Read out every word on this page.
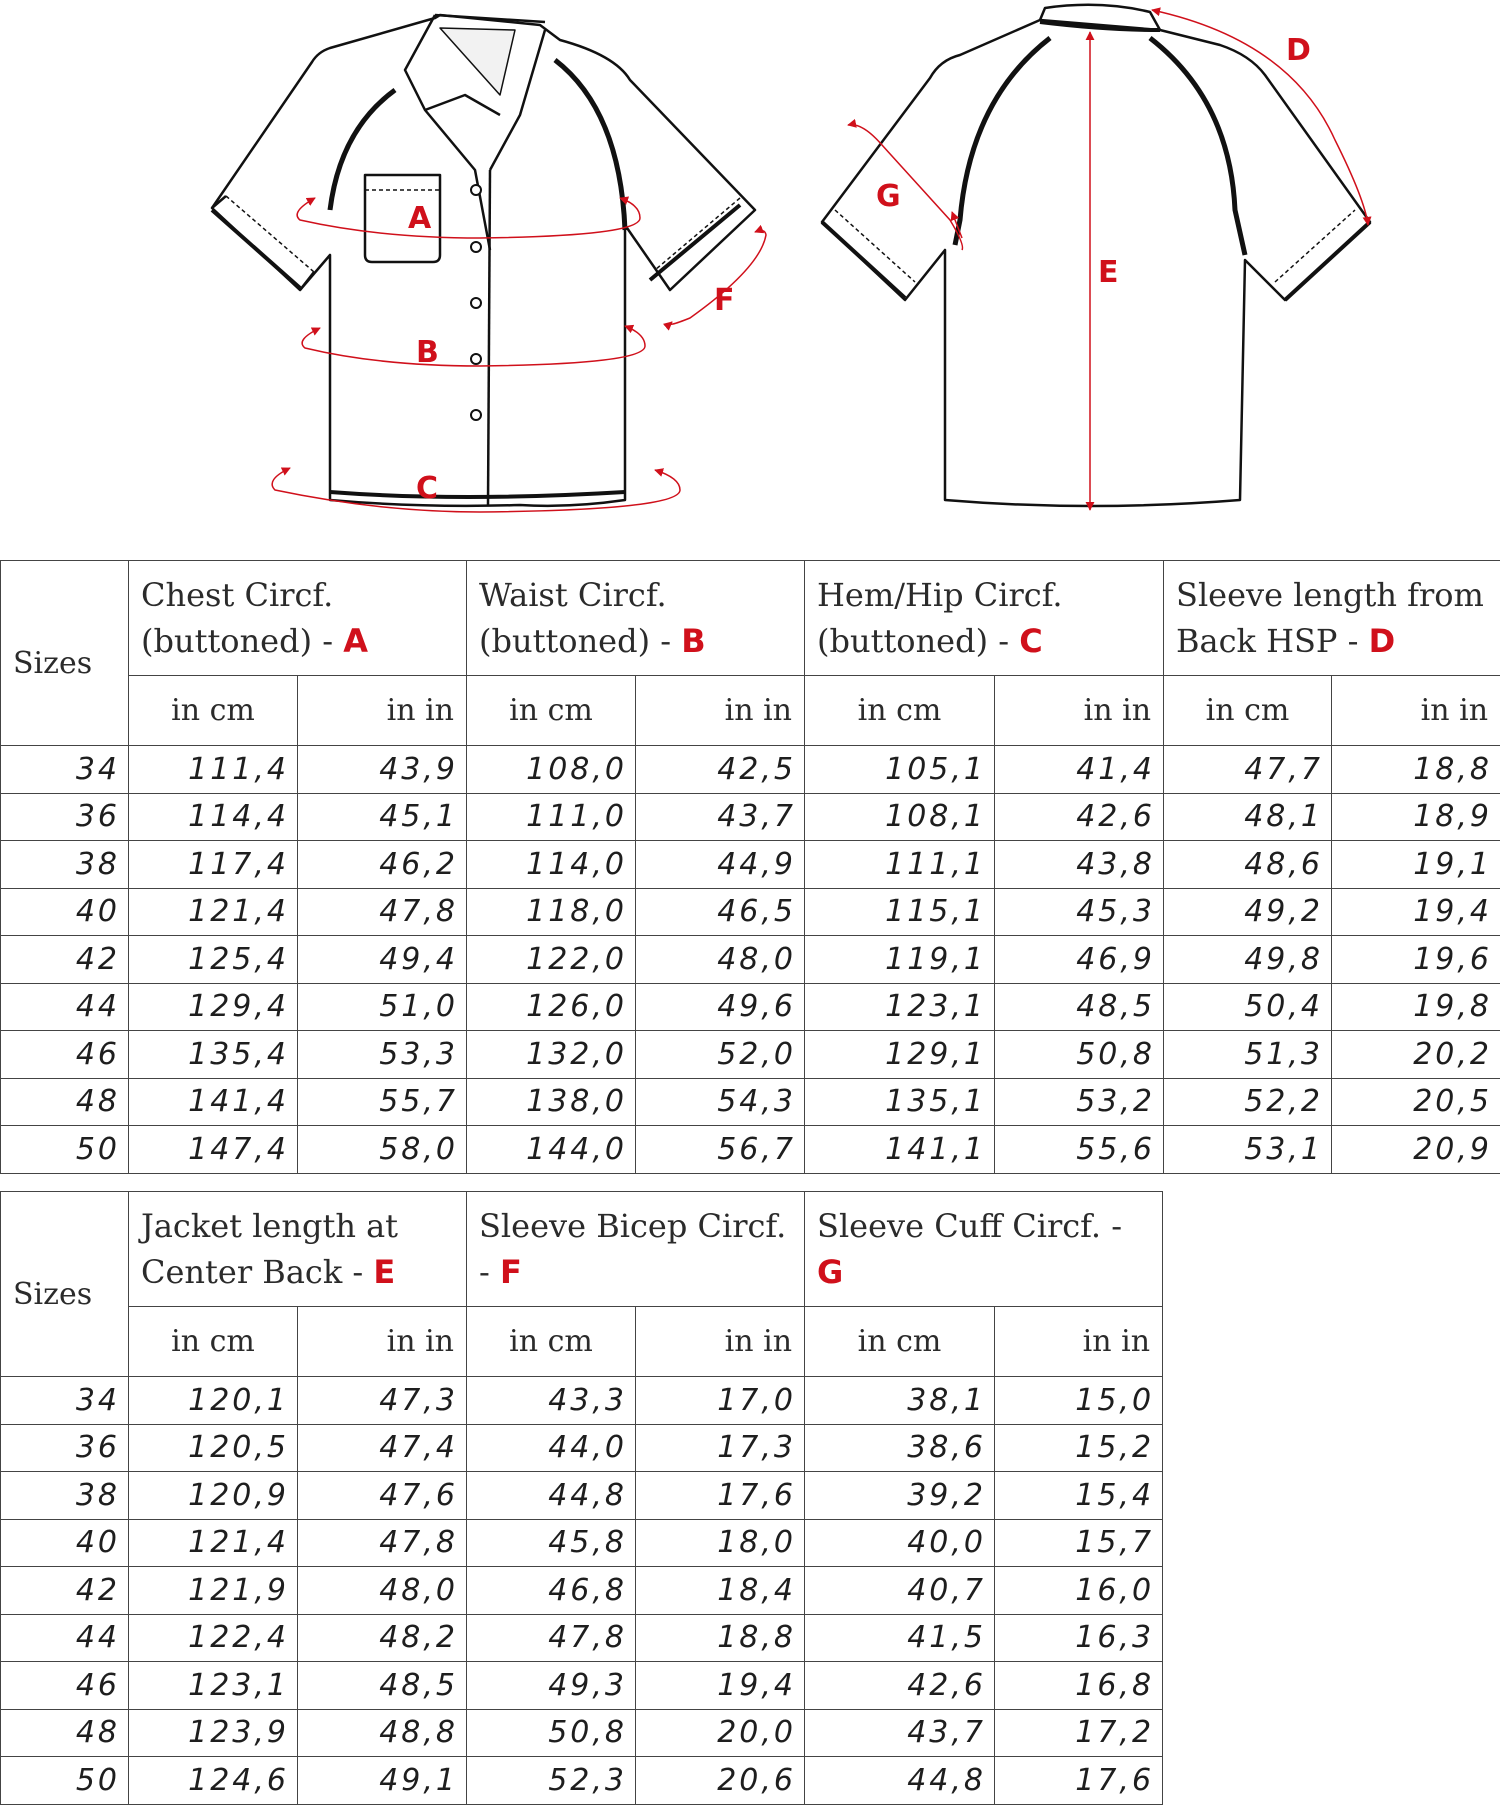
A
B
C
D
E
F
G
Sizes	Chest Circf.
(buttoned) - A		Waist Circf.
(buttoned) - B		Hem/Hip Circf.
(buttoned) - C		Sleeve length from
Back HSP - D	
	in cm	in in	in cm	in in	in cm	in in	in cm	in in
34	111,4	43,9	108,0	42,5	105,1	41,4	47,7	18,8
36	114,4	45,1	111,0	43,7	108,1	42,6	48,1	18,9
38	117,4	46,2	114,0	44,9	111,1	43,8	48,6	19,1
40	121,4	47,8	118,0	46,5	115,1	45,3	49,2	19,4
42	125,4	49,4	122,0	48,0	119,1	46,9	49,8	19,6
44	129,4	51,0	126,0	49,6	123,1	48,5	50,4	19,8
46	135,4	53,3	132,0	52,0	129,1	50,8	51,3	20,2
48	141,4	55,7	138,0	54,3	135,1	53,2	52,2	20,5
50	147,4	58,0	144,0	56,7	141,1	55,6	53,1	20,9
Sizes	Jacket length at
Center Back - E		Sleeve Bicep Circf.
- F		Sleeve Cuff Circf. - G	
	in cm	in in	in cm	in in	in cm	in in
34	120,1	47,3	43,3	17,0	38,1	15,0
36	120,5	47,4	44,0	17,3	38,6	15,2
38	120,9	47,6	44,8	17,6	39,2	15,4
40	121,4	47,8	45,8	18,0	40,0	15,7
42	121,9	48,0	46,8	18,4	40,7	16,0
44	122,4	48,2	47,8	18,8	41,5	16,3
46	123,1	48,5	49,3	19,4	42,6	16,8
48	123,9	48,8	50,8	20,0	43,7	17,2
50	124,6	49,1	52,3	20,6	44,8	17,6
